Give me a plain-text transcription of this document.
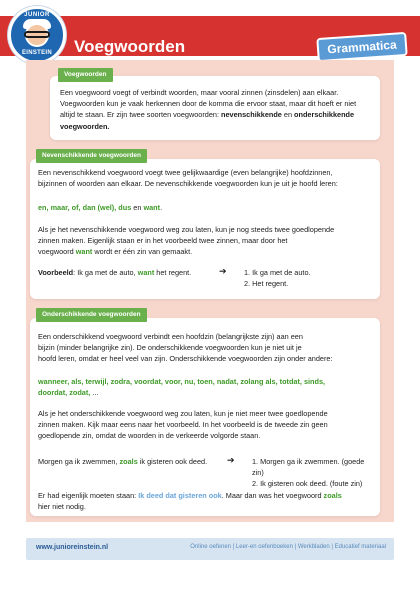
Voegwoorden
JUNIOR
EINSTEIN	Grammatica
Voegwoorden
Een voegwoord voegt of verbindt woorden, maar vooral zinnen (zinsdelen) aan elkaar.
Voegwoorden kun je vaak herkennen door de komma die ervoor staat, maar dit hoeft er niet
altijd te staan. Er zijn twee soorten voegwoorden: nevenschikkende en onderschikkende
voegwoorden.
Nevenschikkende voegwoorden
Een nevenschikkend voegwoord voegt twee gelijkwaardige (even belangrijke) hoofdzinnen,
bijzinnen of woorden aan elkaar. De nevenschikkende voegwoorden kun je uit je hoofd leren:
en, maar, of, dan (wel), dus en want.
Als je het nevenschikkende voegwoord weg zou laten, kun je nog steeds twee goedlopende
zinnen maken. Eigenlijk staan er in het voorbeeld twee zinnen, maar door het
voegwoord want wordt er één zin van gemaakt.
Voorbeeld: Ik ga met de auto, want het regent.	➔ 1. Ik ga met de auto.
2. Het regent.
Onderschikkende voegwoorden
Een onderschikkend voegwoord verbindt een hoofdzin (belangrijkste zijn) aan een
bijzin (minder belangrijke zin). De onderschikkende voegwoorden kun je niet uit je
hoofd leren, omdat er heel veel van zijn. Onderschikkende voegwoorden zijn onder andere:
wanneer, als, terwijl, zodra, voordat, voor, nu, toen, nadat, zolang als, totdat, sinds,
doordat, zodat, ...
Als je het onderschikkende voegwoord weg zou laten, kun je niet meer twee goedlopende
zinnen maken. Kijk maar eens naar het voorbeeld. In het voorbeeld is de tweede zin geen
goedlopende zin, omdat de woorden in de verkeerde volgorde staan.
Morgen ga ik zwemmen, zoals ik gisteren ook deed.	➔ 1. Morgen ga ik zwemmen. (goede zin)
2. Ik gisteren ook deed. (foute zin)
Er had eigenlijk moeten staan: Ik deed dat gisteren ook. Maar dan was het voegwoord zoals
hier niet nodig.
www.junioreinstein.nl	Online oefenen | Leer-en oefenboeken | Werkbladen | Educatief materiaal
